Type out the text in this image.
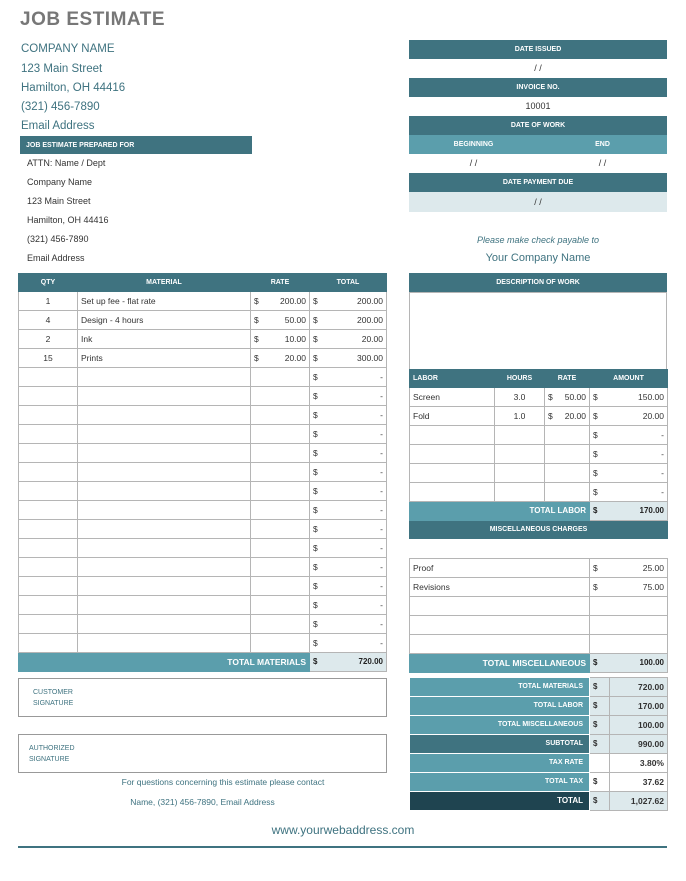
JOB ESTIMATE
COMPANY NAME
123 Main Street
Hamilton, OH 44416
(321) 456-7890
Email Address
JOB ESTIMATE PREPARED FOR
ATTN: Name / Dept
Company Name
123 Main Street
Hamilton, OH 44416
(321) 456-7890
Email Address
DATE ISSUED
/ /
INVOICE NO.
10001
DATE OF WORK
BEGINNING	END
/ /	/ /
DATE PAYMENT DUE
/ /
Please make check payable to
Your Company Name
QTY	MATERIAL	RATE	TOTAL
1	Set up fee - flat rate	$ 200.00	$ 200.00

4	Design - 4 hours	$ 50.00	$ 200.00

2	Ink	$ 10.00	$ 20.00

15	Prints	$ 20.00	$ 300.00

			$ -

			$ -

			$ -

			$ -

			$ -

			$ -

			$ -

			$ -

			$ -

			$ -

			$ -

			$ -

			$ -

			$ -

			$ -

TOTAL MATERIALS			$ 720.00
DESCRIPTION OF WORK
LABOR	HOURS	RATE	AMOUNT
Screen	3.0	$ 50.00	$ 150.00

Fold	1.0	$ 20.00	$ 20.00

			$ -

			$ -

			$ -

			$ -

TOTAL LABOR			$ 170.00

MISCELLANEOUS CHARGES			
Proof	$ 25.00

Revisions	$ 75.00

TOTAL MISCELLANEOUS	$ 100.00
TOTAL MATERIALS	$	720.00
TOTAL LABOR	$	170.00
TOTAL MISCELLANEOUS	$	100.00
SUBTOTAL	$	990.00
TAX RATE		3.80%
TOTAL TAX	$	37.62
TOTAL	$	1,027.62
CUSTOMER
SIGNATURE
AUTHORIZED
SIGNATURE
For questions concerning this estimate please contact
Name, (321) 456-7890, Email Address
www.yourwebaddress.com
